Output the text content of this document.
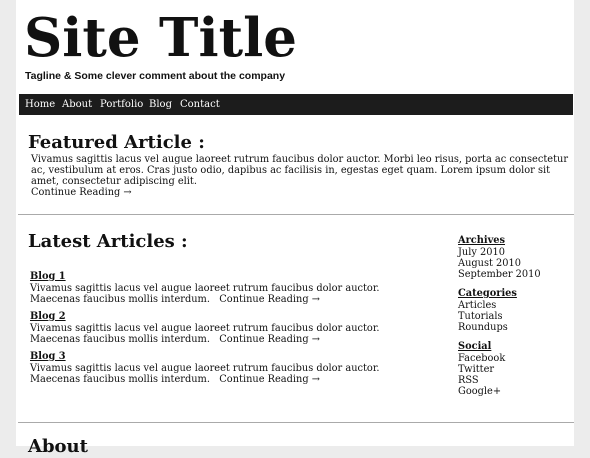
Site Title
Tagline & Some clever comment about the company
Home About Portfolio Blog Contact
Featured Article :

Vivamus sagittis lacus vel augue laoreet rutrum faucibus dolor auctor. Morbi leo risus, porta ac consectetur ac, vestibulum at eros. Cras justo odio, dapibus ac facilisis in, egestas eget quam. Lorem ipsum dolor sit amet, consectetur adipiscing elit.

Continue Reading →
Latest Articles :
Blog 1
Vivamus sagittis lacus vel augue laoreet rutrum faucibus dolor auctor. Maecenas faucibus mollis interdum. Continue Reading →
Blog 2
Vivamus sagittis lacus vel augue laoreet rutrum faucibus dolor auctor. Maecenas faucibus mollis interdum. Continue Reading →
Blog 3
Vivamus sagittis lacus vel augue laoreet rutrum faucibus dolor auctor. Maecenas faucibus mollis interdum. Continue Reading →
Archives
July 2010
August 2010
September 2010
Categories
Articles
Tutorials
Roundups
Social
Facebook
Twitter
RSS
Google+
About
